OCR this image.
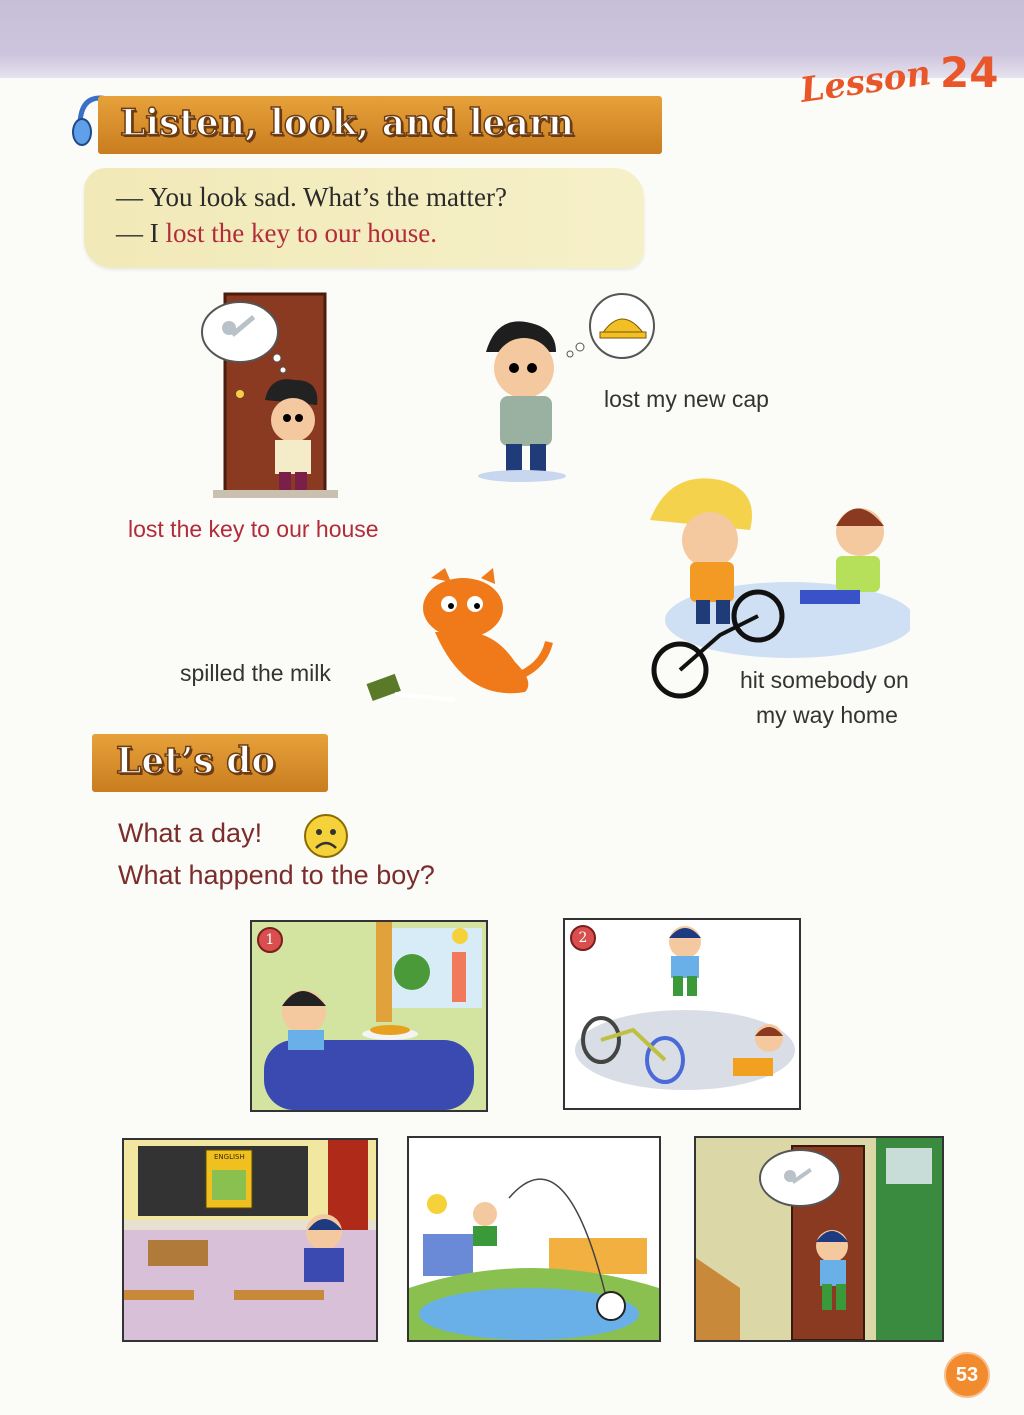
Lesson 24
Listen, look, and learn
— You look sad. What’s the matter?
— I lost the key to our house.
lost my new cap
lost the key to our house
spilled the milk	hit somebody on
my way home
Let’s do
What a day!
What happend to the boy?
1	2
ENGLISH
53
